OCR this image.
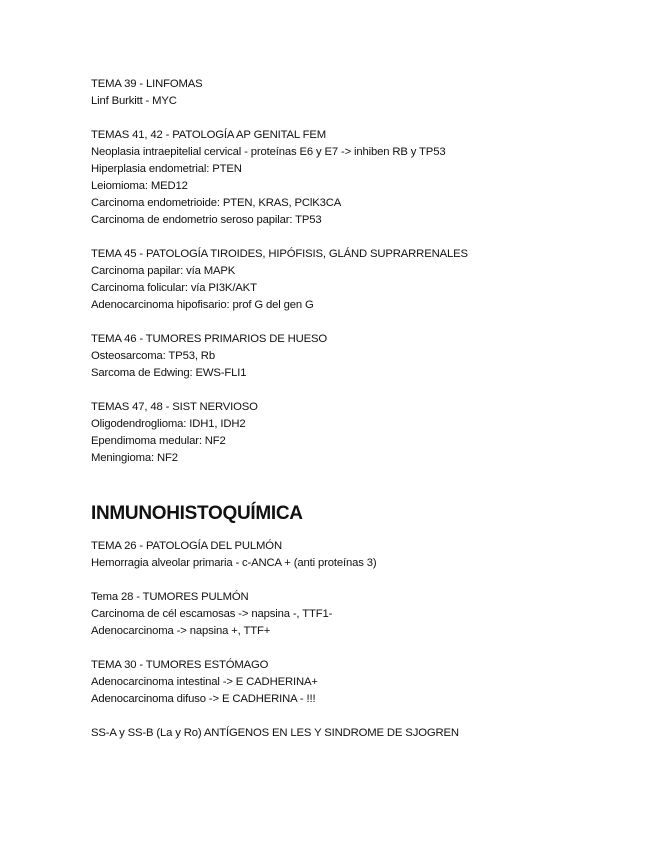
TEMA 39 - LINFOMAS
Linf Burkitt - MYC
TEMAS 41, 42 - PATOLOGÍA AP GENITAL FEM
Neoplasia intraepitelial cervical - proteínas E6 y E7 -> inhiben RB y TP53
Hiperplasia endometrial: PTEN
Leiomioma: MED12
Carcinoma endometrioide: PTEN, KRAS, PClK3CA
Carcinoma de endometrio seroso papilar: TP53
TEMA 45 - PATOLOGÍA TIROIDES, HIPÓFISIS, GLÁND SUPRARRENALES
Carcinoma papilar: vía MAPK
Carcinoma folicular: vía PI3K/AKT
Adenocarcinoma hipofisario: prof G del gen G
TEMA 46 - TUMORES PRIMARIOS DE HUESO
Osteosarcoma: TP53, Rb
Sarcoma de Edwing: EWS-FLI1
TEMAS 47, 48 - SIST NERVIOSO
Oligodendroglioma: IDH1, IDH2
Ependimoma medular: NF2
Meningioma: NF2
INMUNOHISTOQUÍMICA
TEMA 26 - PATOLOGÍA DEL PULMÓN
Hemorragia alveolar primaria - c-ANCA + (anti proteínas 3)
Tema 28 - TUMORES PULMÓN
Carcinoma de cél escamosas -> napsina -, TTF1-
Adenocarcinoma -> napsina +, TTF+
TEMA 30 - TUMORES ESTÓMAGO
Adenocarcinoma intestinal -> E CADHERINA+
Adenocarcinoma difuso -> E CADHERINA - !!!
SS-A y SS-B (La y Ro) ANTÍGENOS EN LES Y SINDROME DE SJOGREN
